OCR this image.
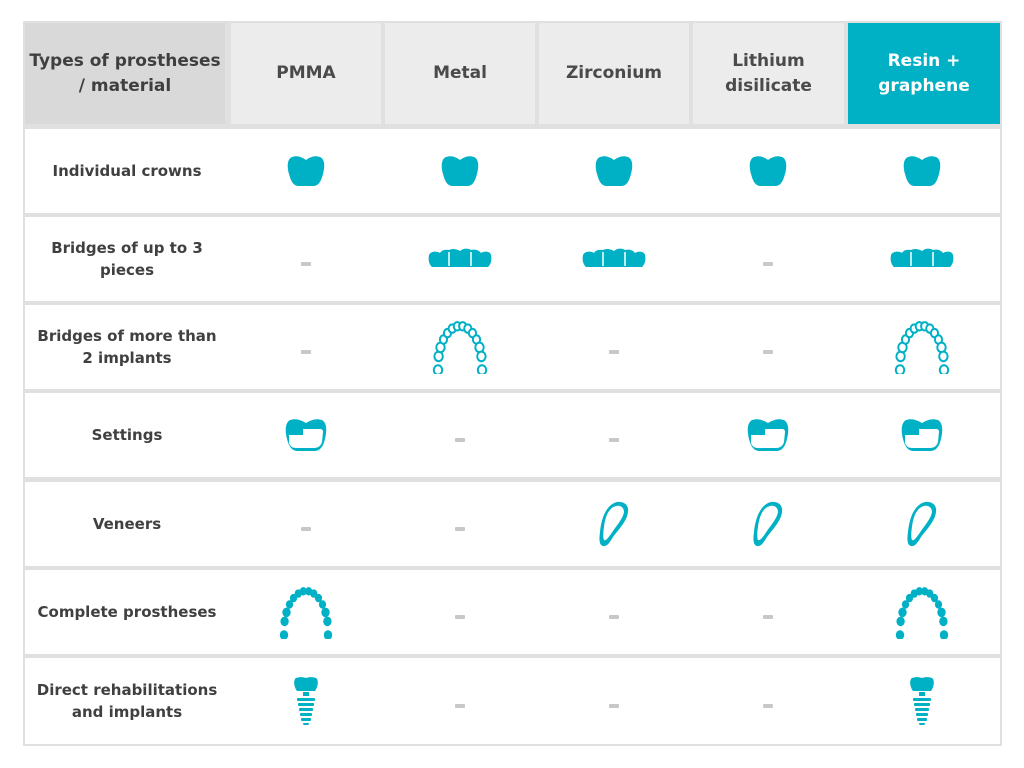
Types of prostheses / material
PMMA	Metal	Zirconium
Lithium disilicate
Resin + graphene
Individual crowns
Bridges of up to 3 pieces
Bridges of more than 2 implants
Settings
Veneers
Complete prostheses
Direct rehabilitations and implants
